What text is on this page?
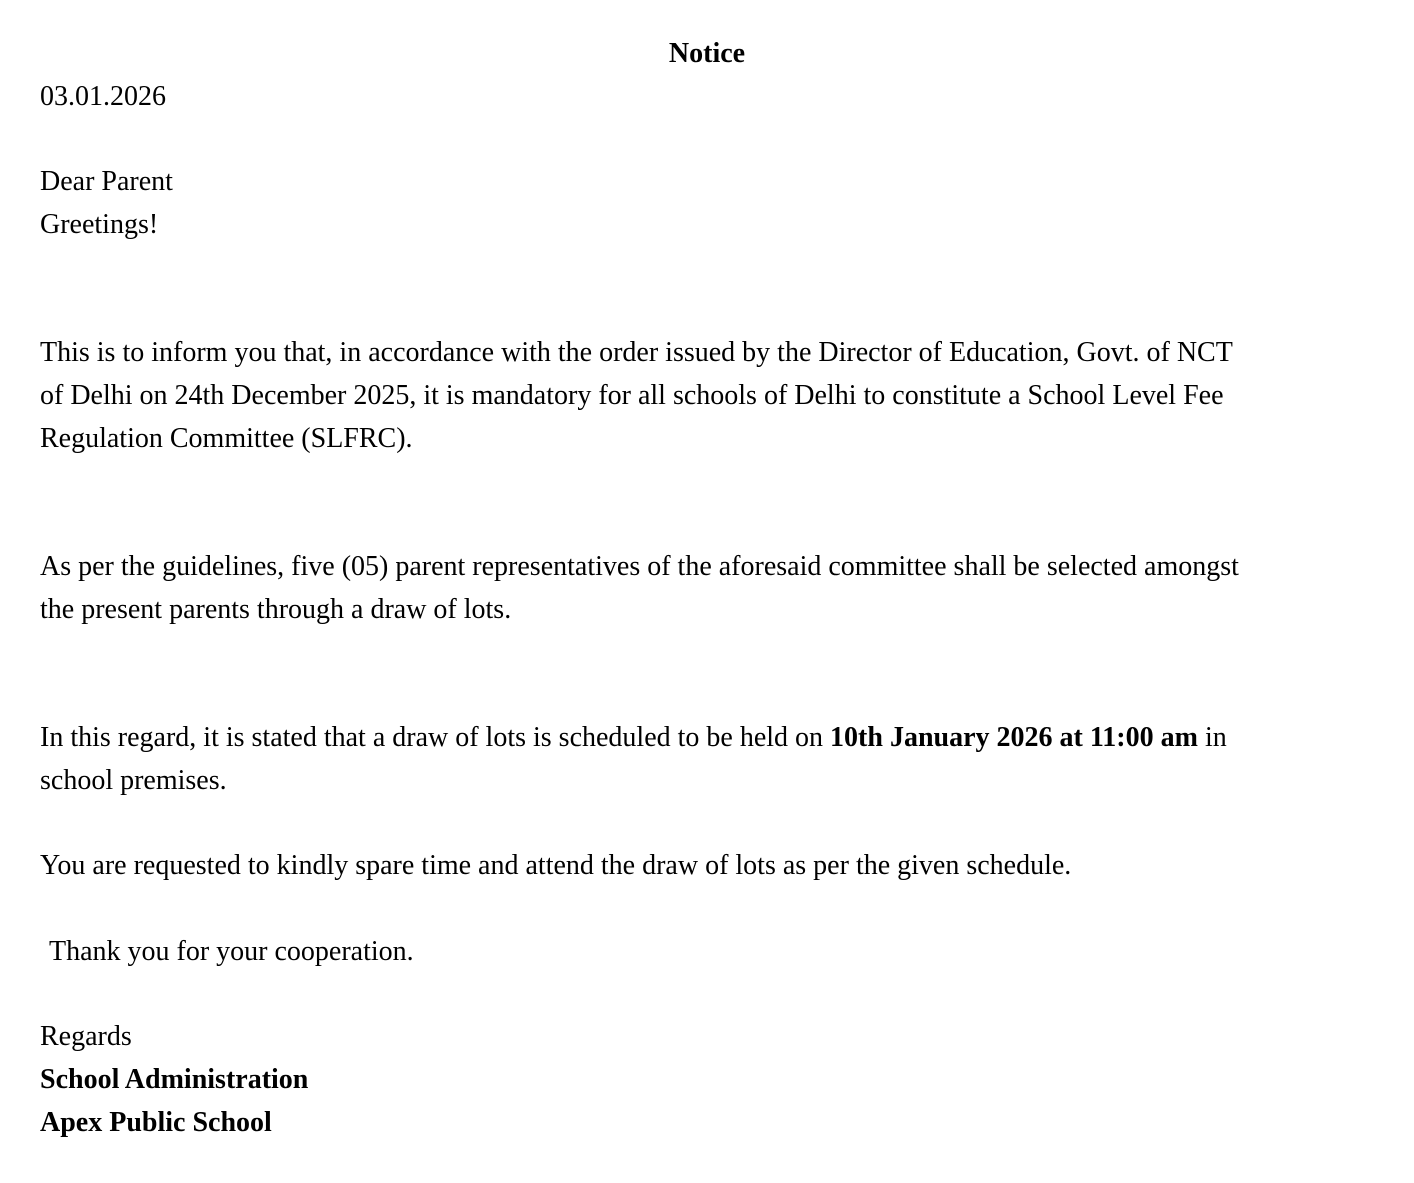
Notice

03.01.2026

Dear Parent

Greetings!

This is to inform you that, in accordance with the order issued by the Director of Education, Govt. of NCT
of Delhi on 24th December 2025, it is mandatory for all schools of Delhi to constitute a School Level Fee
Regulation Committee (SLFRC).
As per the guidelines, five (05) parent representatives of the aforesaid committee shall be selected amongst
the present parents through a draw of lots.
In this regard, it is stated that a draw of lots is scheduled to be held on 10th January 2026 at 11:00 am in
school premises.

You are requested to kindly spare time and attend the draw of lots as per the given schedule.

Thank you for your cooperation.

Regards

School Administration

Apex Public School
